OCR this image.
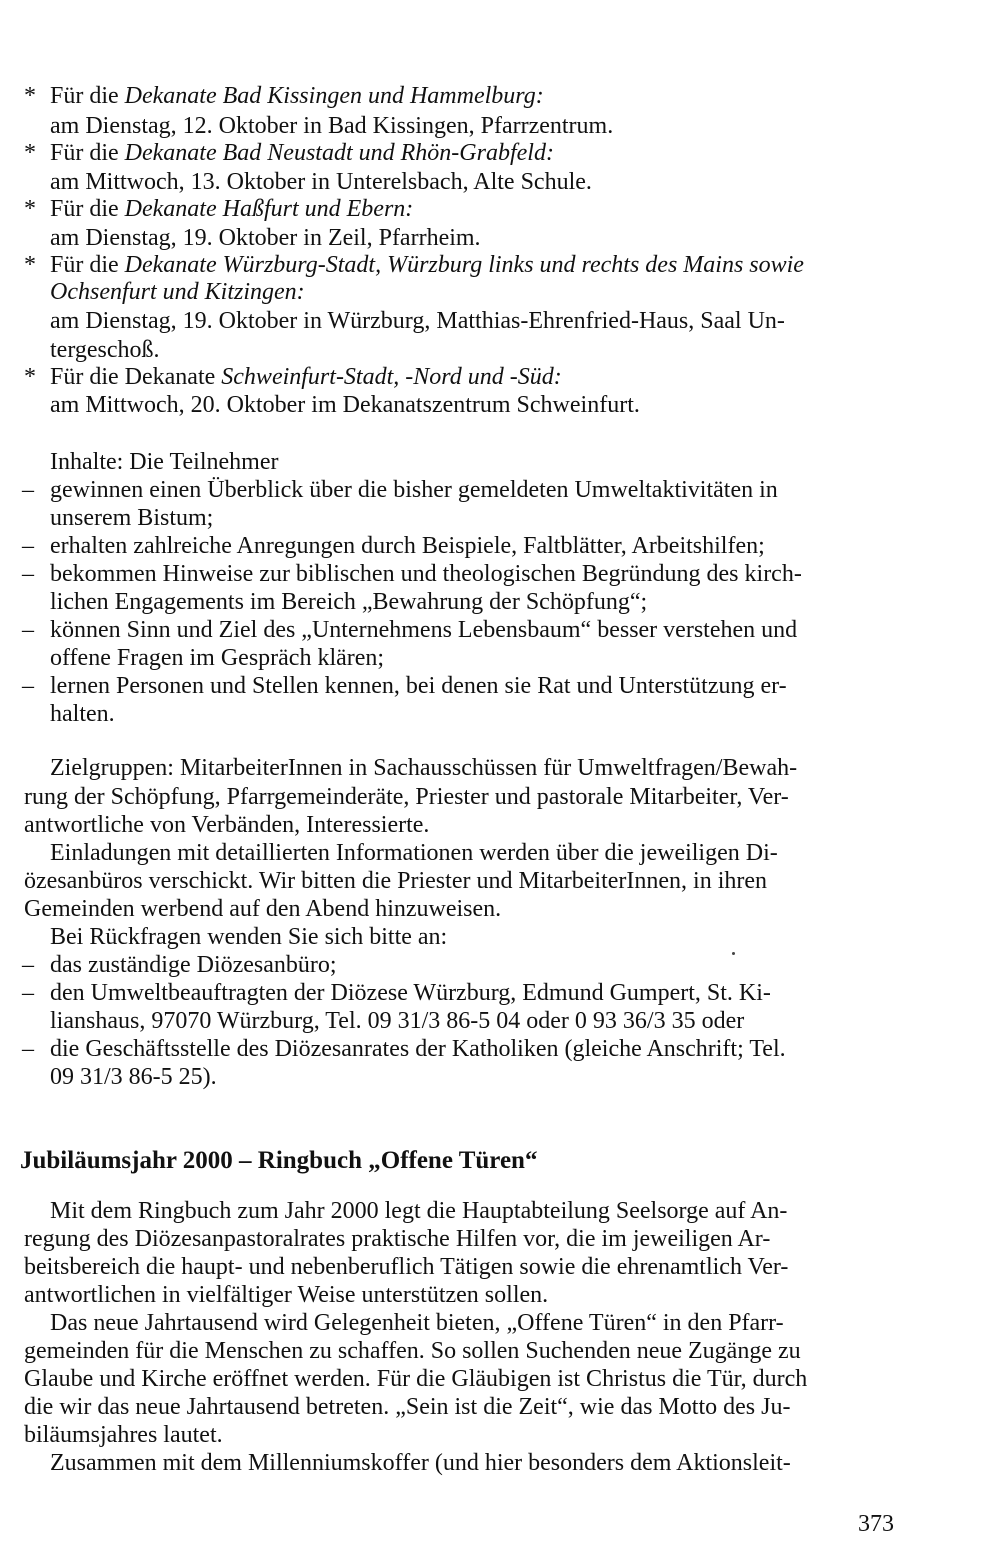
* Für die Dekanate Bad Kissingen und Hammelburg:
am Dienstag, 12. Oktober in Bad Kissingen, Pfarrzentrum.
* Für die Dekanate Bad Neustadt und Rhön-Grabfeld:
am Mittwoch, 13. Oktober in Unterelsbach, Alte Schule.
* Für die Dekanate Haßfurt und Ebern:
am Dienstag, 19. Oktober in Zeil, Pfarrheim.
* Für die Dekanate Würzburg-Stadt, Würzburg links und rechts des Mains sowie
Ochsenfurt und Kitzingen:
am Dienstag, 19. Oktober in Würzburg, Matthias-Ehrenfried-Haus, Saal Un-
tergeschoß.
* Für die Dekanate Schweinfurt-Stadt, -Nord und -Süd:
am Mittwoch, 20. Oktober im Dekanatszentrum Schweinfurt.
Inhalte: Die Teilnehmer
– gewinnen einen Überblick über die bisher gemeldeten Umweltaktivitäten in
unserem Bistum;
– erhalten zahlreiche Anregungen durch Beispiele, Faltblätter, Arbeitshilfen;
– bekommen Hinweise zur biblischen und theologischen Begründung des kirch-
lichen Engagements im Bereich „Bewahrung der Schöpfung“;
– können Sinn und Ziel des „Unternehmens Lebensbaum“ besser verstehen und
offene Fragen im Gespräch klären;
– lernen Personen und Stellen kennen, bei denen sie Rat und Unterstützung er-
halten.
Zielgruppen: MitarbeiterInnen in Sachausschüssen für Umweltfragen/Bewah-
rung der Schöpfung, Pfarrgemeinderäte, Priester und pastorale Mitarbeiter, Ver-
antwortliche von Verbänden, Interessierte.
Einladungen mit detaillierten Informationen werden über die jeweiligen Di-
özesanbüros verschickt. Wir bitten die Priester und MitarbeiterInnen, in ihren
Gemeinden werbend auf den Abend hinzuweisen.
Bei Rückfragen wenden Sie sich bitte an:
– das zuständige Diözesanbüro;
– den Umweltbeauftragten der Diözese Würzburg, Edmund Gumpert, St. Ki-
lianshaus, 97070 Würzburg, Tel. 09 31/3 86-5 04 oder 0 93 36/3 35 oder
– die Geschäftsstelle des Diözesanrates der Katholiken (gleiche Anschrift; Tel.
09 31/3 86-5 25).
Jubiläumsjahr 2000 – Ringbuch „Offene Türen“
Mit dem Ringbuch zum Jahr 2000 legt die Hauptabteilung Seelsorge auf An-
regung des Diözesanpastoralrates praktische Hilfen vor, die im jeweiligen Ar-
beitsbereich die haupt- und nebenberuflich Tätigen sowie die ehrenamtlich Ver-
antwortlichen in vielfältiger Weise unterstützen sollen.
Das neue Jahrtausend wird Gelegenheit bieten, „Offene Türen“ in den Pfarr-
gemeinden für die Menschen zu schaffen. So sollen Suchenden neue Zugänge zu
Glaube und Kirche eröffnet werden. Für die Gläubigen ist Christus die Tür, durch
die wir das neue Jahrtausend betreten. „Sein ist die Zeit“, wie das Motto des Ju-
biläumsjahres lautet.
Zusammen mit dem Millenniumskoffer (und hier besonders dem Aktionsleit-
373
